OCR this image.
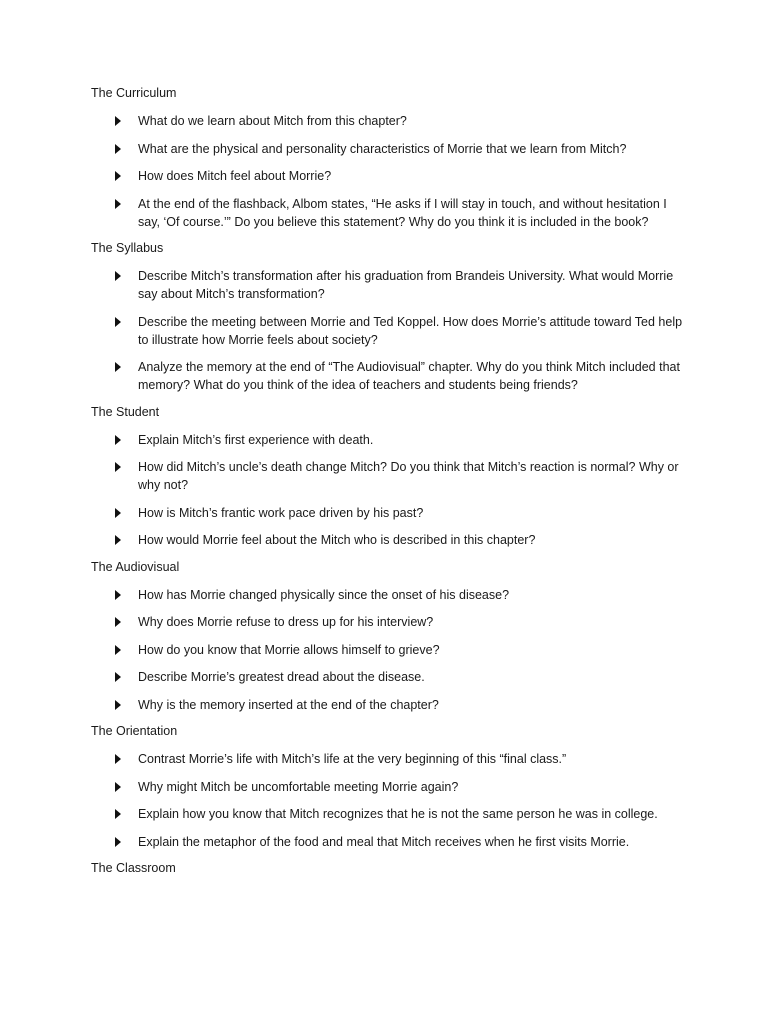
The Curriculum

What do we learn about Mitch from this chapter?
What are the physical and personality characteristics of Morrie that we learn from Mitch?
How does Mitch feel about Morrie?
At the end of the flashback, Albom states, “He asks if I will stay in touch, and without hesitation I say, ‘Of course.’” Do you believe this statement? Why do you think it is included in the book?

The Syllabus

Describe Mitch’s transformation after his graduation from Brandeis University. What would Morrie say about Mitch’s transformation?
Describe the meeting between Morrie and Ted Koppel. How does Morrie’s attitude toward Ted help to illustrate how Morrie feels about society?
Analyze the memory at the end of “The Audiovisual” chapter. Why do you think Mitch included that memory? What do you think of the idea of teachers and students being friends?

The Student

Explain Mitch’s first experience with death.
How did Mitch’s uncle’s death change Mitch? Do you think that Mitch’s reaction is normal? Why or why not?
How is Mitch’s frantic work pace driven by his past?
How would Morrie feel about the Mitch who is described in this chapter?

The Audiovisual

How has Morrie changed physically since the onset of his disease?
Why does Morrie refuse to dress up for his interview?
How do you know that Morrie allows himself to grieve?
Describe Morrie’s greatest dread about the disease.
Why is the memory inserted at the end of the chapter?

The Orientation

Contrast Morrie’s life with Mitch’s life at the very beginning of this “final class.”
Why might Mitch be uncomfortable meeting Morrie again?
Explain how you know that Mitch recognizes that he is not the same person he was in college.
Explain the metaphor of the food and meal that Mitch receives when he first visits Morrie.

The Classroom
